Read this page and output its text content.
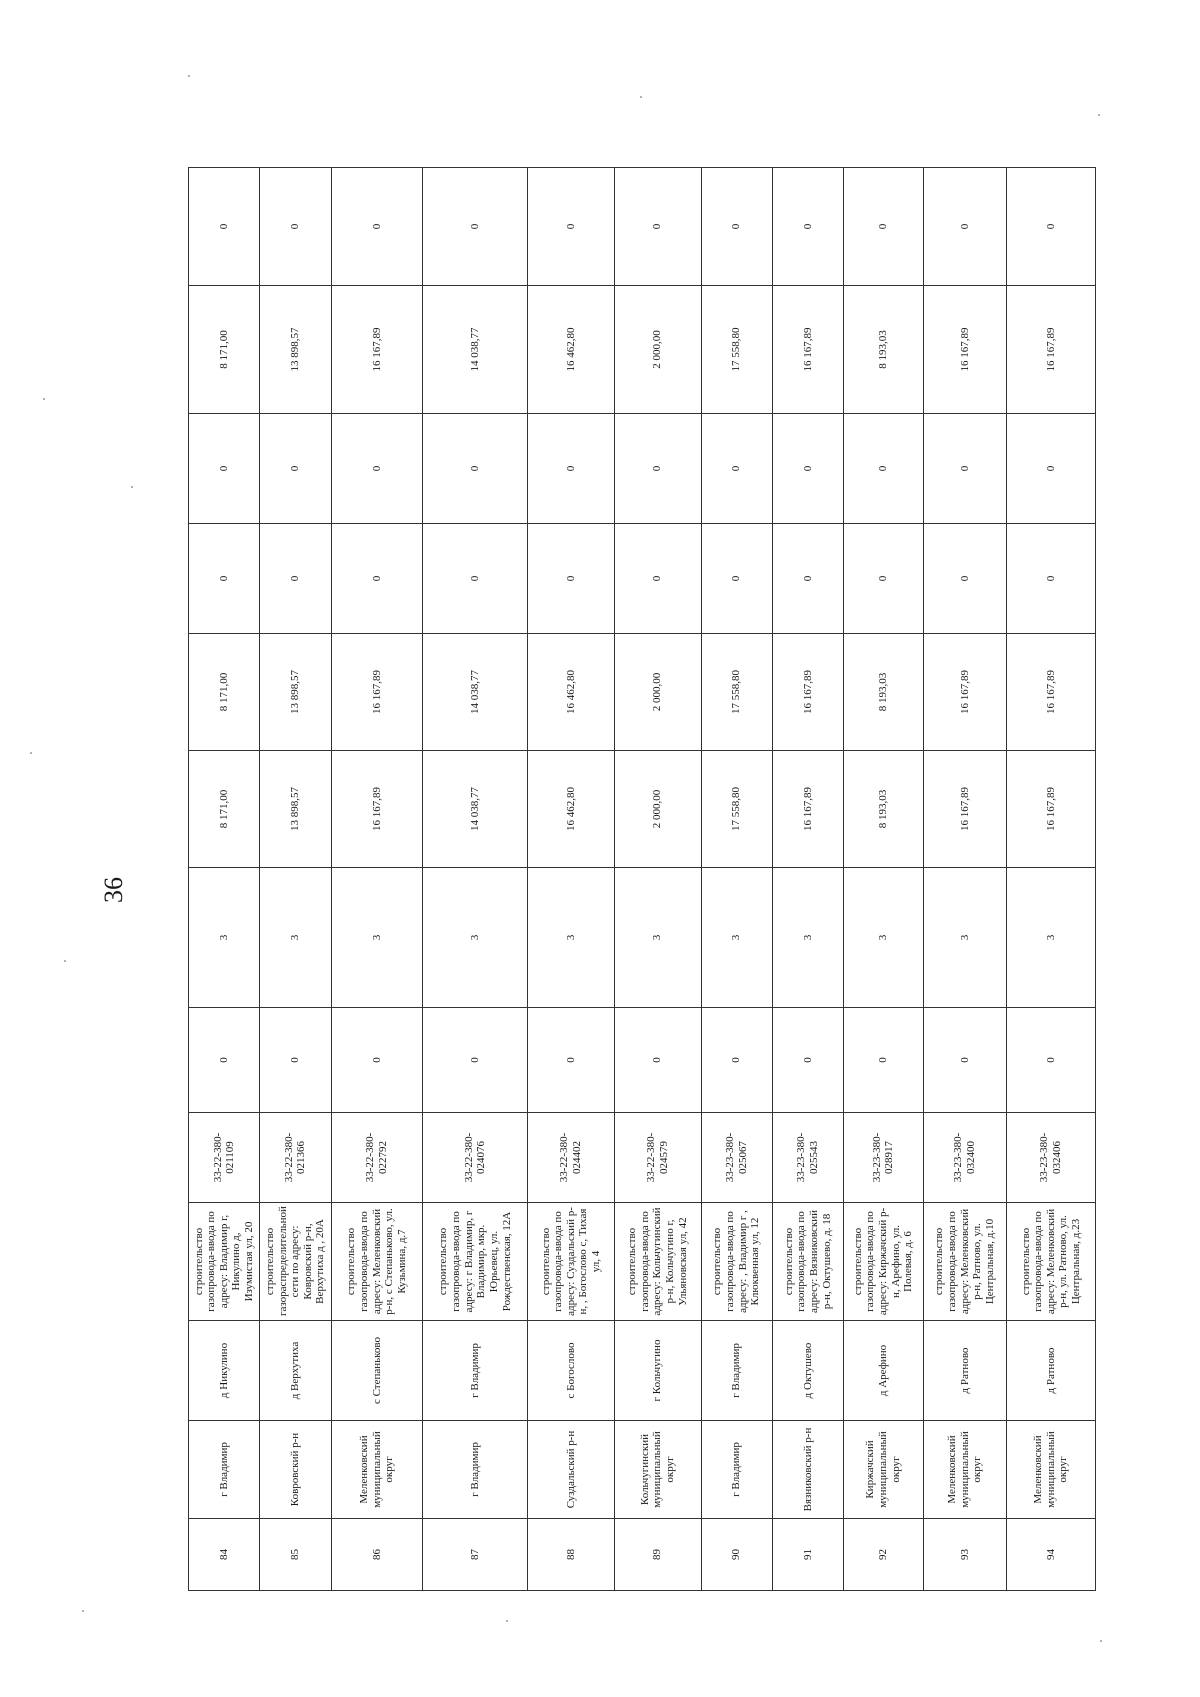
36
84	г Владимир	д Никулино	строительство газопровода-ввода по адресу: Владимир г, Никулино д, Изумистая ул, 20	33-22-380-021109	0	3	8 171,00	8 171,00	0	0	8 171,00	0
85	Ковровский р-н	д Верхутиха	строительство газораспределительной сети по адресу: Ковровский р-н, Верхутиха д , 20А	33-22-380-021366	0	3	13 898,57	13 898,57	0	0	13 898,57	0
86	Меленковский муниципальный округ	с Степаньково	строительство газопровода-ввода по адресу: Меленковский р-н, с Степаньково, ул. Кузьмина, д.7	33-22-380-022792	0	3	16 167,89	16 167,89	0	0	16 167,89	0
87	г Владимир	г Владимир	строительство газопровода-ввода по адресу: г Владимир, г Владимир, мкр. Юрьевец, ул. Рождественская, 12А	33-22-380-024076	0	3	14 038,77	14 038,77	0	0	14 038,77	0
88	Суздальский р-н	с Богослово	строительство газопровода-ввода по адресу: Суздальский р-н, , Богослово с, Тихая ул, 4	33-22-380-024402	0	3	16 462,80	16 462,80	0	0	16 462,80	0
89	Кольчугинский муниципальный округ	г Кольчугино	строительство газопровода-ввода по адресу: Кольчугинский р-н, Кольчугино г, Ульяновская ул, 42	33-22-380-024579	0	3	2 000,00	2 000,00	0	0	2 000,00	0
90	г Владимир	г Владимир	строительство газопровода-ввода по адресу: , Владимир г , Клюквенная ул, 12	33-23-380-025067	0	3	17 558,80	17 558,80	0	0	17 558,80	0
91	Вязниковский р-н	д Октушево	строительство газопровода-ввода по адресу: Вязниковский р-н, Октушево, д. 18	33-23-380-025543	0	3	16 167,89	16 167,89	0	0	16 167,89	0
92	Киржачский муниципальный округ	д Арефино	строительство газопровода-ввода по адресу: Киржачский р-н, Арефино, ул. Полевая, д. 6	33-23-380-028917	0	3	8 193,03	8 193,03	0	0	8 193,03	0
93	Меленковский муниципальный округ	д Ратново	строительство газопровода-ввода по адресу: Меленковский р-н, Ратново, ул. Центральная, д.10	33-23-380-032400	0	3	16 167,89	16 167,89	0	0	16 167,89	0
94	Меленковский муниципальный округ	д Ратново	строительство газопровода-ввода по адресу: Меленковский р-н, ул. Ратново, ул. Центральная, д.23	33-23-380-032406	0	3	16 167,89	16 167,89	0	0	16 167,89	0
